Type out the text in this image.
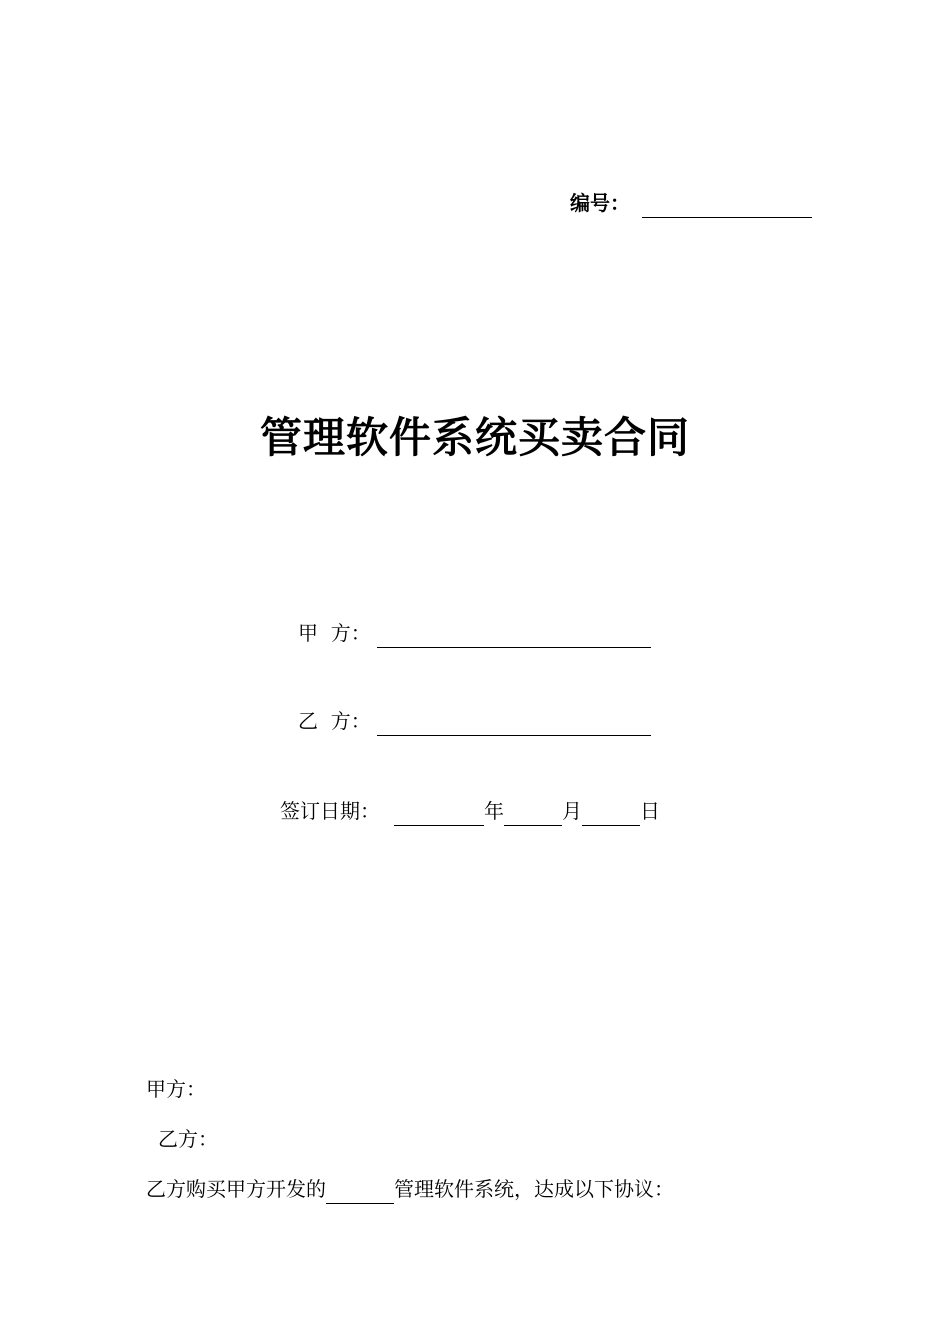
编号：
管理软件系统买卖合同
甲  方：
乙  方：
签订日期：	年	月	日
甲方：
乙方：
乙方购买甲方开发的	管理软件系统，达成以下协议：
